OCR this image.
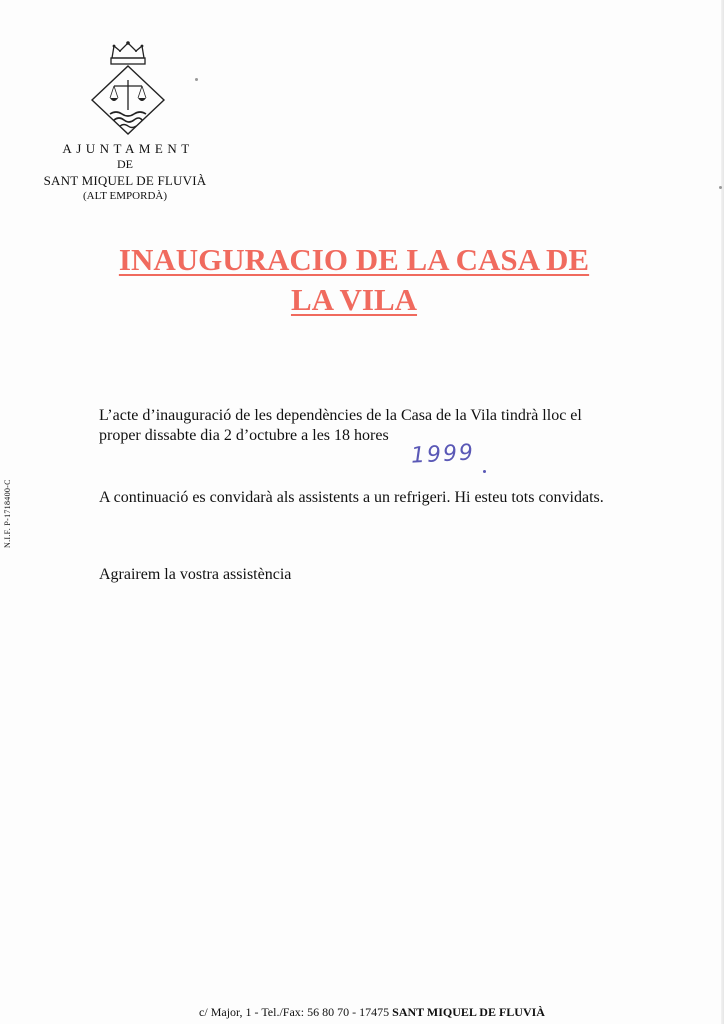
AJUNTAMENT
DE
SANT MIQUEL DE FLUVIÀ
(ALT EMPORDÀ)
N.I.F. P-1718400-C
INAUGURACIO DE LA CASA DE LA VILA

L’acte d’inauguració de les dependències de la Casa de la Vila tindrà lloc el proper dissabte dia 2 d’octubre a les 18 hores

1999

A continuació es convidarà als assistents a un refrigeri. Hi esteu tots convidats.

Agrairem la vostra assistència

c/ Major, 1 - Tel./Fax: 56 80 70 - 17475 SANT MIQUEL DE FLUVIÀ
